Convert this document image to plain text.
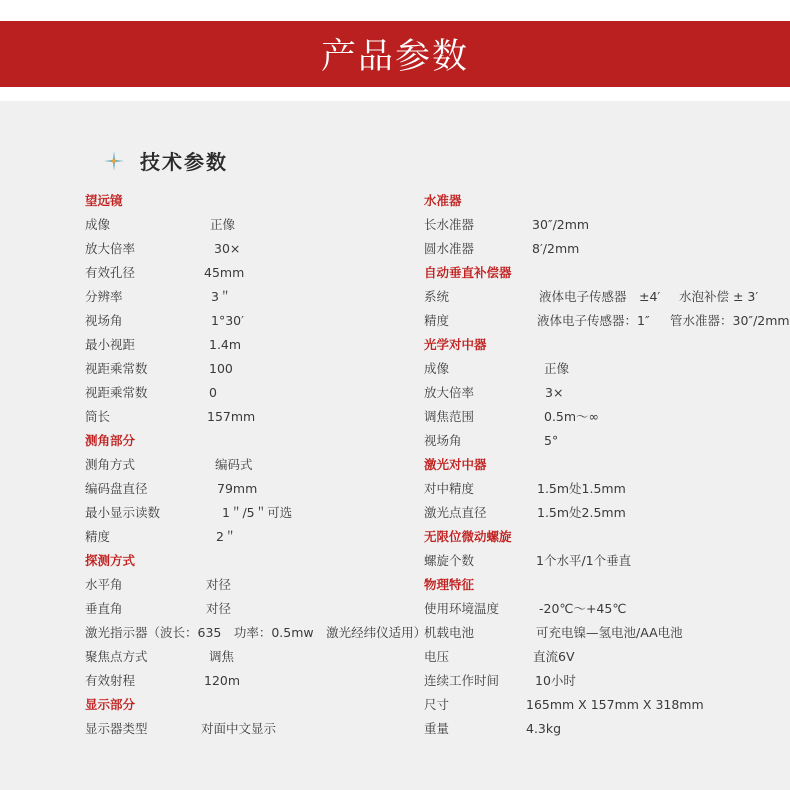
产品参数
技术参数
望远镜
成像	正像
放大倍率	30×
有效孔径	45mm
分辨率	3＂
视场角	1°30′
最小视距	1.4m
视距乘常数	100
视距乘常数	0
筒长	157mm
测角部分
测角方式	编码式
编码盘直径	79mm
最小显示读数	1＂/5＂可选
精度	2＂
探测方式
水平角	对径
垂直角	对径
激光指示器（波长：635　功率：0.5mw　激光经纬仪适用）
聚焦点方式	调焦
有效射程	120m
显示部分
显示器类型	对面中文显示
水准器
长水准器	30″/2mm
圆水准器	8′/2mm
自动垂直补偿器
系统	液体电子传感器　±4′ 水泡补偿 ± 3′
精度	液体电子传感器：1″ 管水准器：30″/2mm
光学对中器
成像	正像
放大倍率	3×
调焦范围	0.5m～∞
视场角	5°
激光对中器
对中精度	1.5m处1.5mm
激光点直径	1.5m处2.5mm
无限位微动螺旋
螺旋个数	1个水平/1个垂直
物理特征
使用环境温度	-20℃～+45℃
机载电池	可充电镍—氢电池/AA电池
电压	直流6V
连续工作时间	10小时
尺寸	165mm X 157mm X 318mm
重量	4.3kg
